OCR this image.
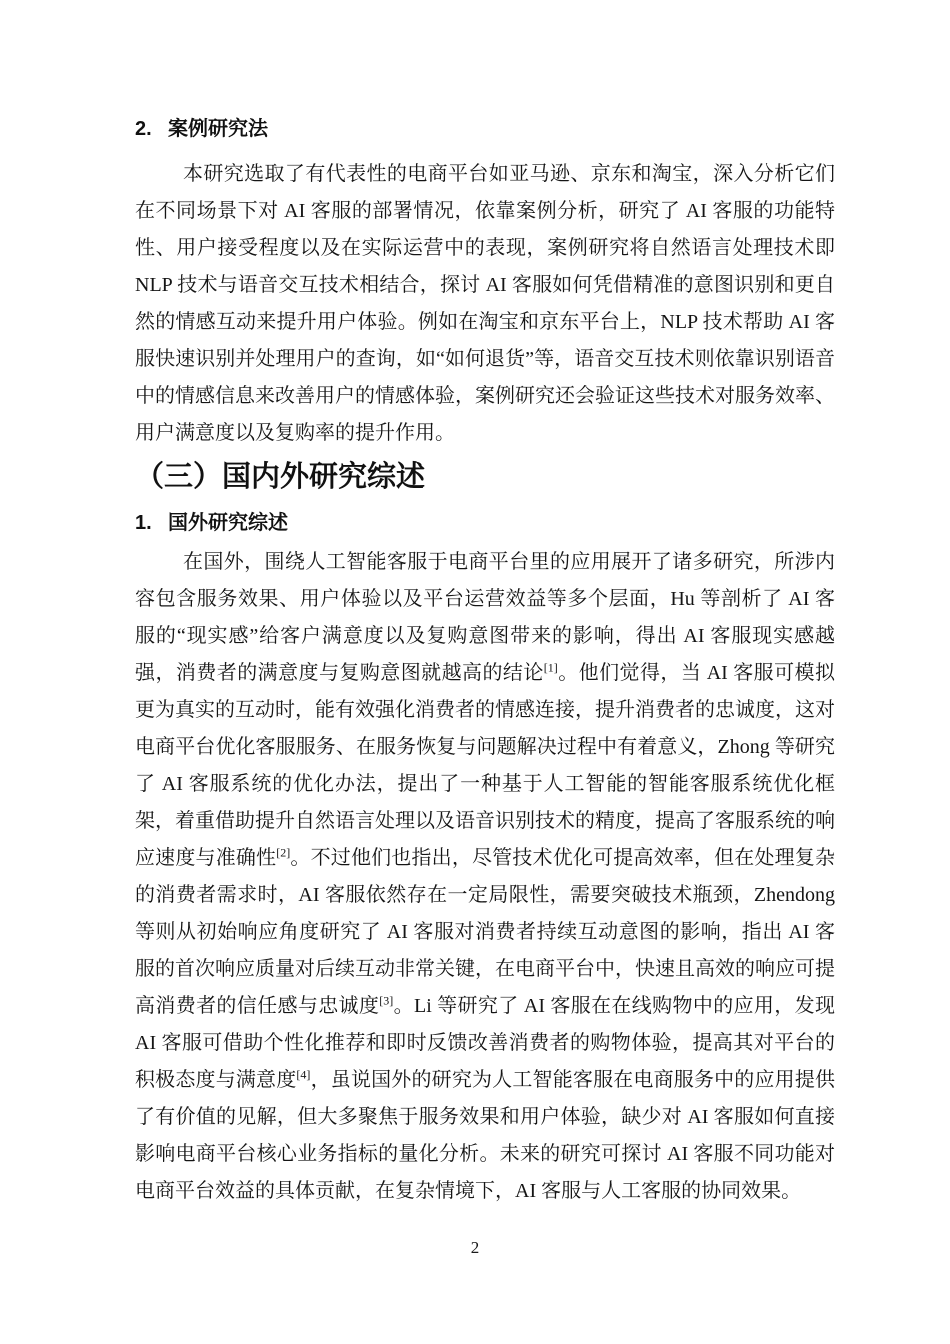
2. 案例研究法

本研究选取了有代表性的电商平台如亚马逊、京东和淘宝，深入分析它们在不同场景下对 AI 客服的部署情况，依靠案例分析，研究了 AI 客服的功能特性、用户接受程度以及在实际运营中的表现，案例研究将自然语言处理技术即 NLP 技术与语音交互技术相结合，探讨 AI 客服如何凭借精准的意图识别和更自然的情感互动来提升用户体验。例如在淘宝和京东平台上，NLP 技术帮助 AI 客服快速识别并处理用户的查询，如“如何退货”等，语音交互技术则依靠识别语音中的情感信息来改善用户的情感体验，案例研究还会验证这些技术对服务效率、用户满意度以及复购率的提升作用。

（三）国内外研究综述
1. 国外研究综述

在国外，围绕人工智能客服于电商平台里的应用展开了诸多研究，所涉内容包含服务效果、用户体验以及平台运营效益等多个层面，Hu 等剖析了 AI 客服的“现实感”给客户满意度以及复购意图带来的影响，得出 AI 客服现实感越强，消费者的满意度与复购意图就越高的结论[1]。他们觉得，当 AI 客服可模拟更为真实的互动时，能有效强化消费者的情感连接，提升消费者的忠诚度，这对电商平台优化客服服务、在服务恢复与问题解决过程中有着意义，Zhong 等研究了 AI 客服系统的优化办法，提出了一种基于人工智能的智能客服系统优化框架，着重借助提升自然语言处理以及语音识别技术的精度，提高了客服系统的响应速度与准确性[2]。不过他们也指出，尽管技术优化可提高效率，但在处理复杂的消费者需求时，AI 客服依然存在一定局限性，需要突破技术瓶颈，Zhendong 等则从初始响应角度研究了 AI 客服对消费者持续互动意图的影响，指出 AI 客服的首次响应质量对后续互动非常关键，在电商平台中，快速且高效的响应可提高消费者的信任感与忠诚度[3]。Li 等研究了 AI 客服在在线购物中的应用，发现 AI 客服可借助个性化推荐和即时反馈改善消费者的购物体验，提高其对平台的积极态度与满意度[4]，虽说国外的研究为人工智能客服在电商服务中的应用提供了有价值的见解，但大多聚焦于服务效果和用户体验，缺少对 AI 客服如何直接影响电商平台核心业务指标的量化分析。未来的研究可探讨 AI 客服不同功能对电商平台效益的具体贡献，在复杂情境下，AI 客服与人工客服的协同效果。

2
